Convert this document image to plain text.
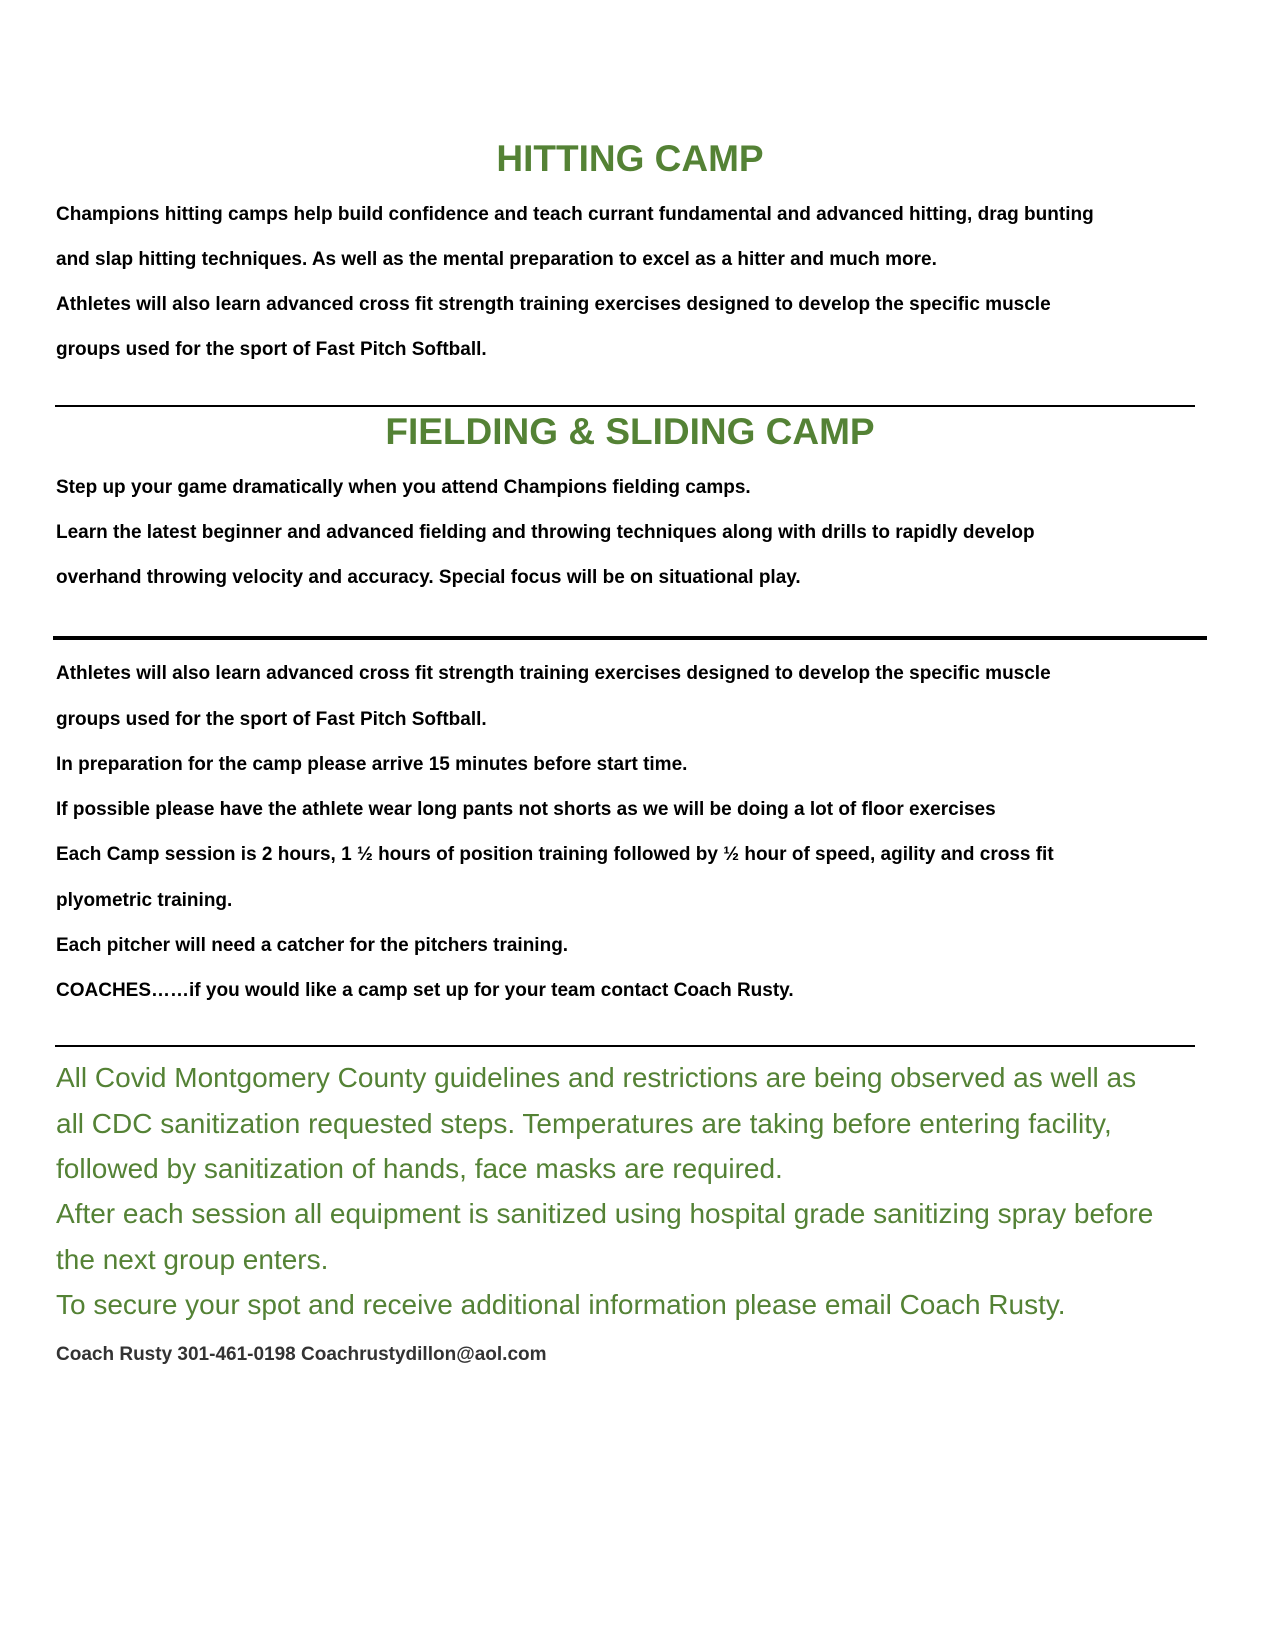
HITTING CAMP

Champions hitting camps help build confidence and teach currant fundamental and advanced hitting, drag bunting

and slap hitting techniques. As well as the mental preparation to excel as a hitter and much more.

Athletes will also learn advanced cross fit strength training exercises designed to develop the specific muscle

groups used for the sport of Fast Pitch Softball.

FIELDING & SLIDING CAMP

Step up your game dramatically when you attend Champions fielding camps.

Learn the latest beginner and advanced fielding and throwing techniques along with drills to rapidly develop

overhand throwing velocity and accuracy. Special focus will be on situational play.

Athletes will also learn advanced cross fit strength training exercises designed to develop the specific muscle

groups used for the sport of Fast Pitch Softball.

In preparation for the camp please arrive 15 minutes before start time.

If possible please have the athlete wear long pants not shorts as we will be doing a lot of floor exercises

Each Camp session is 2 hours, 1 ½ hours of position training followed by ½ hour of speed, agility and cross fit

plyometric training.

Each pitcher will need a catcher for the pitchers training.

COACHES……if you would like a camp set up for your team contact Coach Rusty.

All Covid Montgomery County guidelines and restrictions are being observed as well as

all CDC sanitization requested steps. Temperatures are taking before entering facility,

followed by sanitization of hands, face masks are required.

After each session all equipment is sanitized using hospital grade sanitizing spray before

the next group enters.

To secure your spot and receive additional information please email Coach Rusty.

Coach Rusty 301-461-0198 Coachrustydillon@aol.com
